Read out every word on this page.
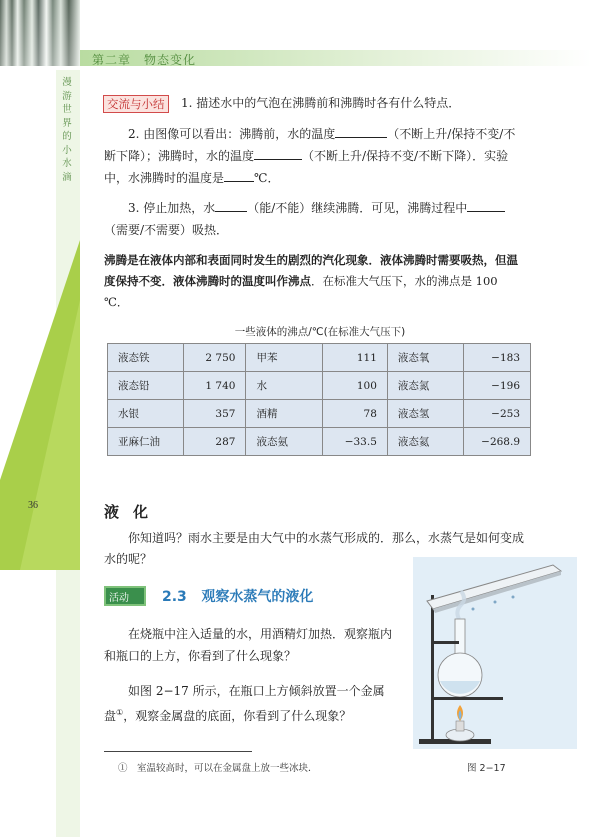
第二章　物态变化
漫游世界的小水滴
36
交流与小结	1. 描述水中的气泡在沸腾前和沸腾时各有什么特点．
2. 由图像可以看出：沸腾前，水的温度	（不断上升/保持不变/不断下降）；沸腾时，水的温度	（不断上升/保持不变/不断下降）．实验中，水沸腾时的温度是	℃．
3. 停止加热，水	（能/不能）继续沸腾．可见，沸腾过程中（需要/不需要）吸热．
沸腾是在液体内部和表面同时发生的剧烈的汽化现象．液体沸腾时需要吸热，但温度保持不变．液体沸腾时的温度叫作沸点．在标准大气压下，水的沸点是 100 ℃．
一些液体的沸点/℃(在标准大气压下)
液态铁	2 750	甲苯	111	液态氧	−183
液态铅	1 740	水	100	液态氮	−196
水银	357	酒精	78	液态氢	−253
亚麻仁油	287	液态氨	−33.5	液态氦	−268.9
液化
你知道吗？雨水主要是由大气中的水蒸气形成的．那么，水蒸气是如何变成水的呢？
活动 2.3 观察水蒸气的液化
在烧瓶中注入适量的水，用酒精灯加热．观察瓶内和瓶口的上方，你看到了什么现象？
如图 2−17 所示，在瓶口上方倾斜放置一个金属盘①，观察金属盘的底面，你看到了什么现象？
图 2−17
①　室温较高时，可以在金属盘上放一些冰块．
